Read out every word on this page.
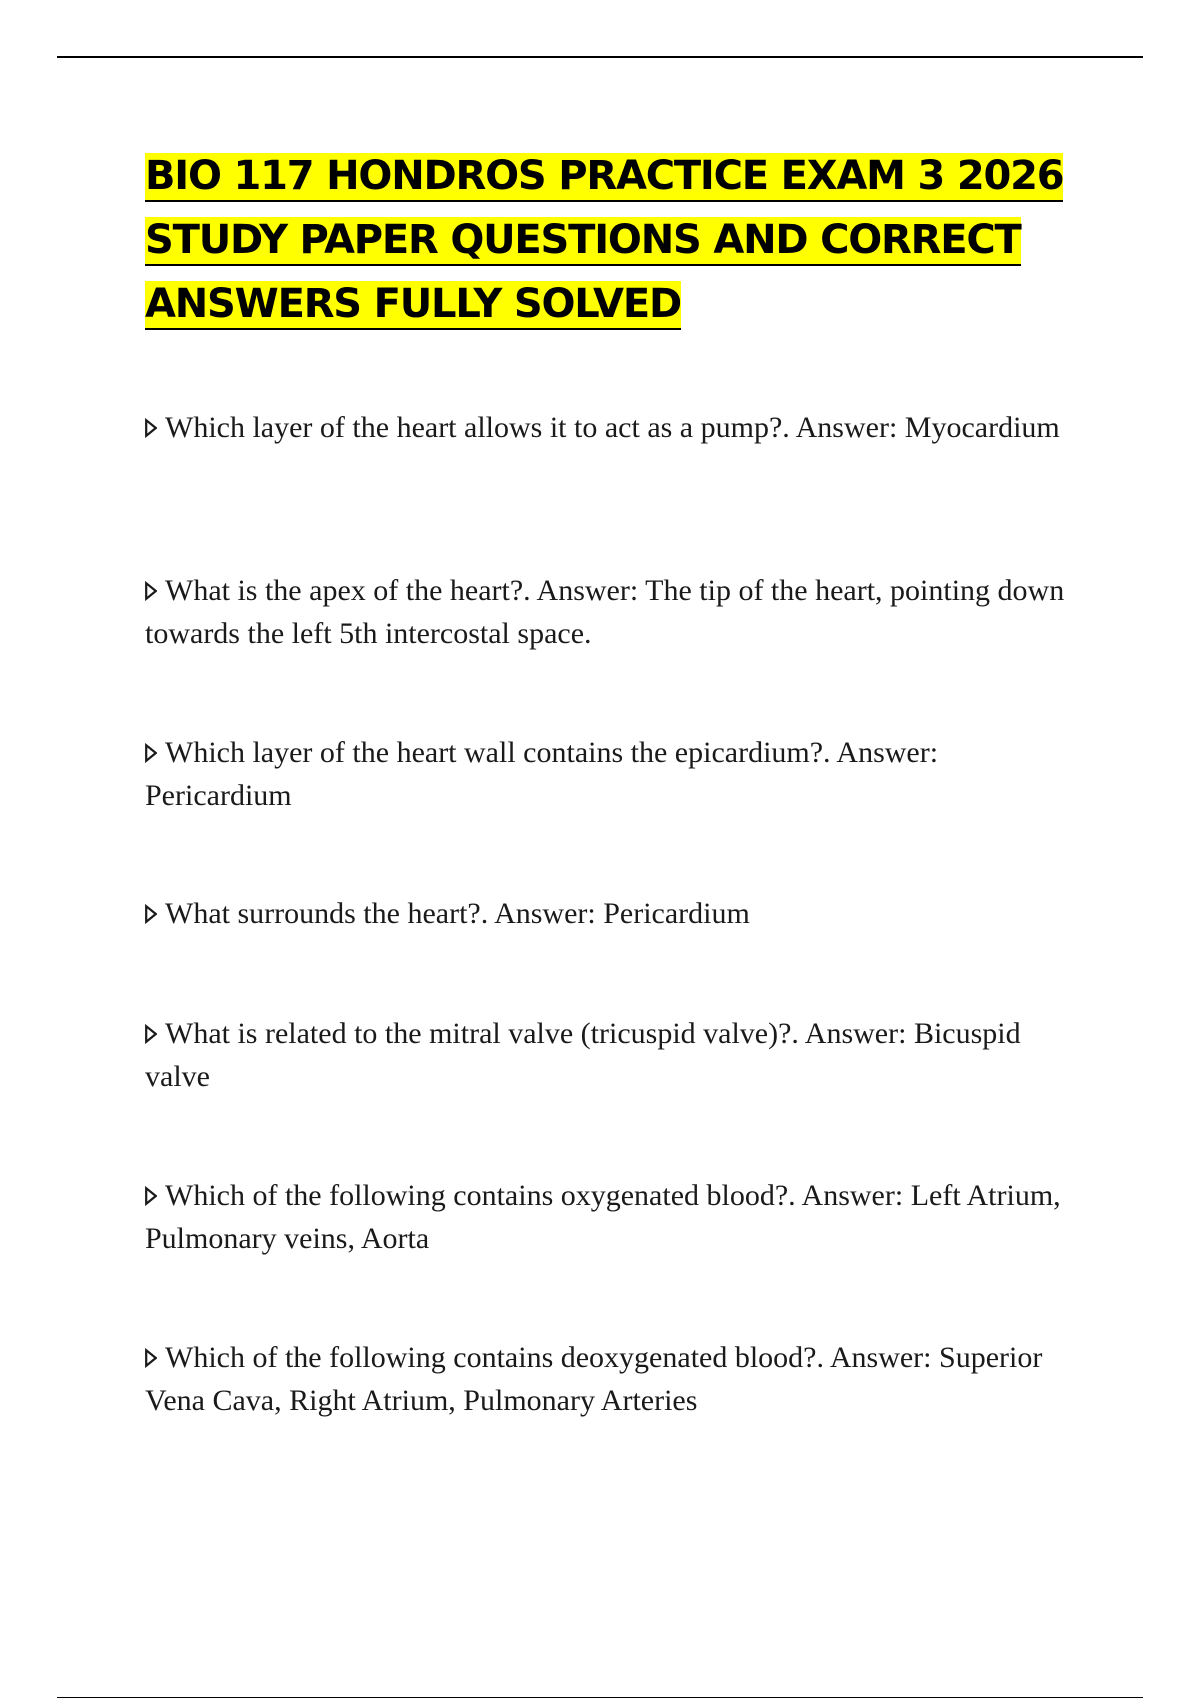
BIO 117 HONDROS PRACTICE EXAM 3 2026
STUDY PAPER QUESTIONS AND CORRECT
ANSWERS FULLY SOLVED
Which layer of the heart allows it to act as a pump?. Answer: Myocardium
What is the apex of the heart?. Answer: The tip of the heart, pointing down towards the left 5th intercostal space.
Which layer of the heart wall contains the epicardium?. Answer: Pericardium
What surrounds the heart?. Answer: Pericardium
What is related to the mitral valve (tricuspid valve)?. Answer: Bicuspid valve
Which of the following contains oxygenated blood?. Answer: Left Atrium, Pulmonary veins, Aorta
Which of the following contains deoxygenated blood?. Answer: Superior Vena Cava, Right Atrium, Pulmonary Arteries
